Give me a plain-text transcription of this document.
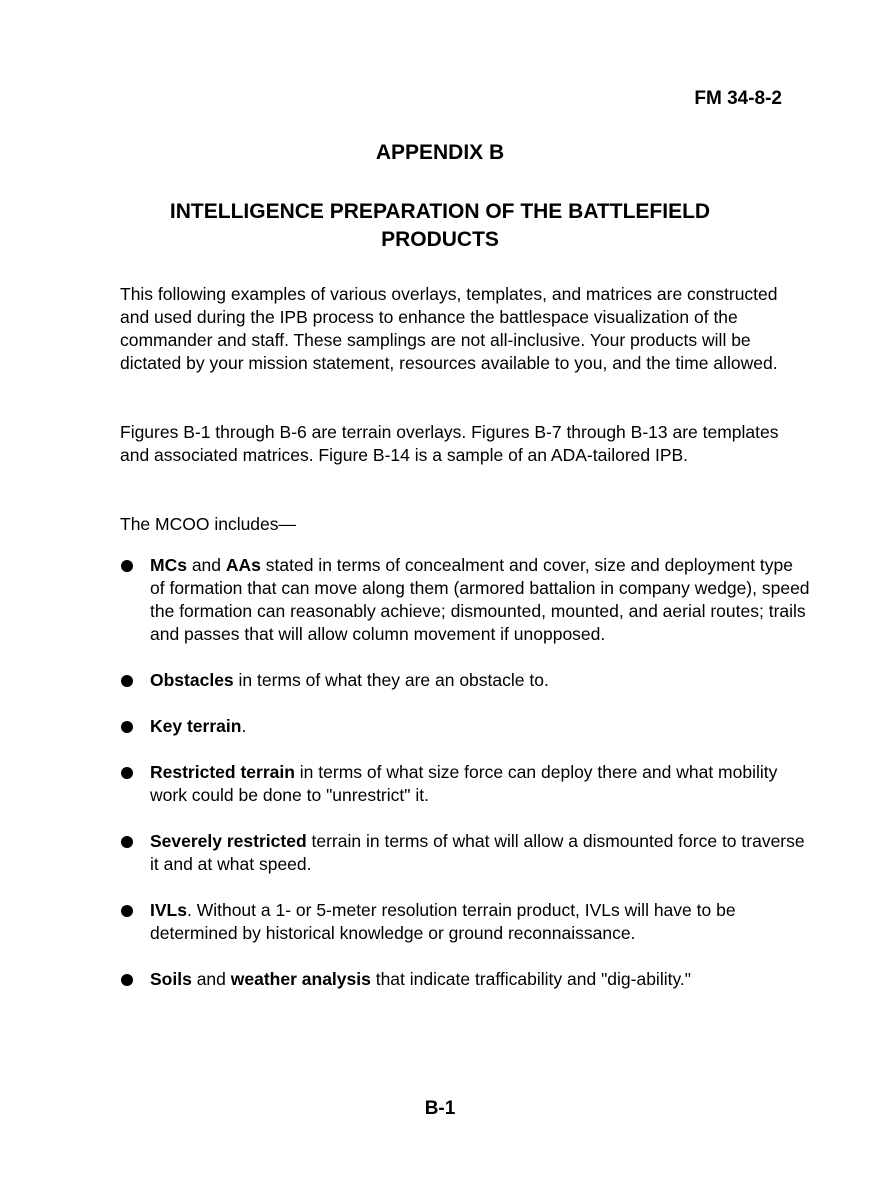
FM 34-8-2
APPENDIX B
INTELLIGENCE PREPARATION OF THE BATTLEFIELD
PRODUCTS

This following examples of various overlays, templates, and matrices are constructed and used during the IPB process to enhance the battlespace visualization of the commander and staff. These samplings are not all-inclusive. Your products will be dictated by your mission statement, resources available to you, and the time allowed.

Figures B-1 through B-6 are terrain overlays. Figures B-7 through B-13 are templates and associated matrices. Figure B-14 is a sample of an ADA-tailored IPB.

The MCOO includes—

MCs and AAs stated in terms of concealment and cover, size and deployment type of formation that can move along them (armored battalion in company wedge), speed the formation can reasonably achieve; dismounted, mounted, and aerial routes; trails and passes that will allow column movement if unopposed.
Obstacles in terms of what they are an obstacle to.
Key terrain.
Restricted terrain in terms of what size force can deploy there and what mobility work could be done to "unrestrict" it.
Severely restricted terrain in terms of what will allow a dismounted force to traverse it and at what speed.
IVLs. Without a 1- or 5-meter resolution terrain product, IVLs will have to be determined by historical knowledge or ground reconnaissance.
Soils and weather analysis that indicate trafficability and "dig-ability."
B-1
